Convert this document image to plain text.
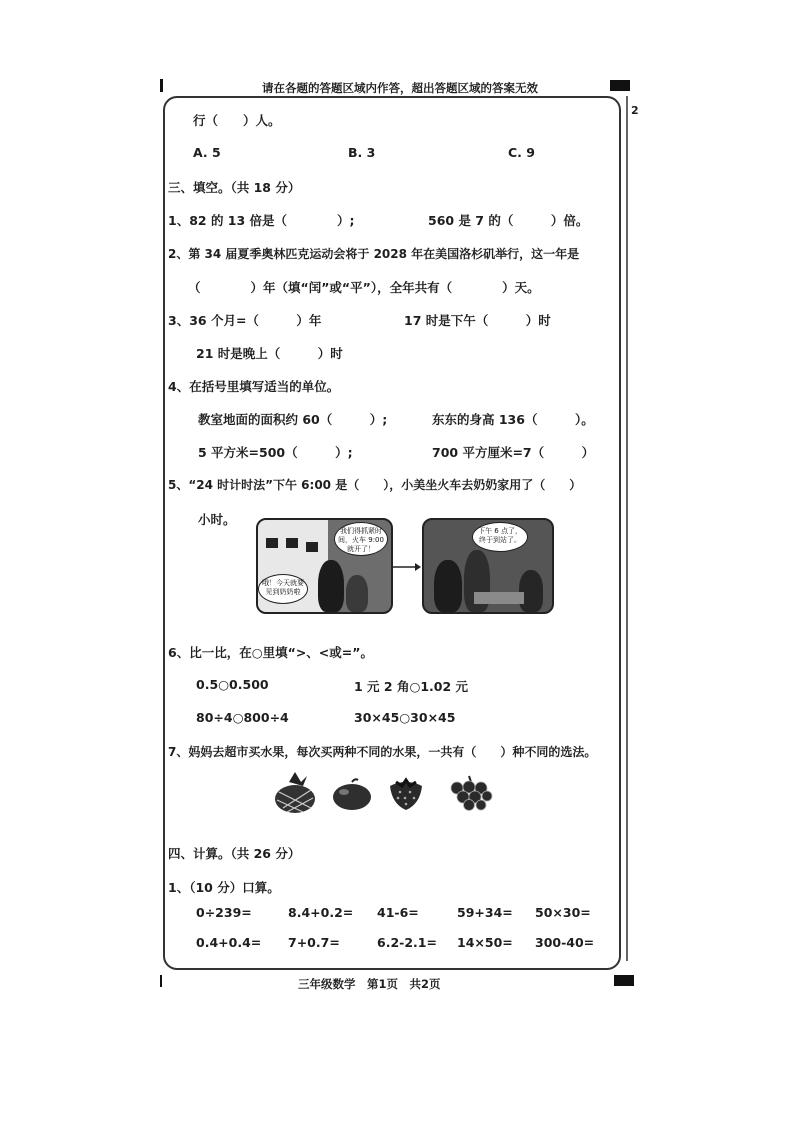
请在各题的答题区域内作答，超出答题区域的答案无效
2
行（　　）人。
A. 5	B. 3	C. 9
三、填空。（共 18 分）
1、82 的 13 倍是（　　　　）;	560 是 7 的（　　　）倍。
2、第 34 届夏季奥林匹克运动会将于 2028 年在美国洛杉矶举行，这一年是
（　　　　）年（填“闰”或“平”），全年共有（　　　　）天。
3、36 个月=（　　　）年	17 时是下午（　　　）时
21 时是晚上（　　　）时
4、在括号里填写适当的单位。
教室地面的面积约 60（　　　）;	东东的身高 136（　　　）。
5 平方米=500（　　　）;	700 平方厘米=7（　　　）
5、“24 时计时法”下午 6:00 是（　　），小美坐火车去奶奶家用了（　　）
小时。
我们得抓紧时间，火车 9:00 就开了！
哦！今天就要见到奶奶啦
下午 6 点了，终于到站了。
6、比一比，在○里填“>、<或=”。
0.5○0.500	1 元 2 角○1.02 元
80÷4○800÷4	30×45○30×45
7、妈妈去超市买水果，每次买两种不同的水果，一共有（　　）种不同的选法。
四、计算。（共 26 分）
1、（10 分）口算。
0÷239=	8.4+0.2= 41-6=	59+34= 50×30=
0.4+0.4= 7+0.7=	6.2-2.1= 14×50= 300-40=
三年级数学　第1页　共2页
